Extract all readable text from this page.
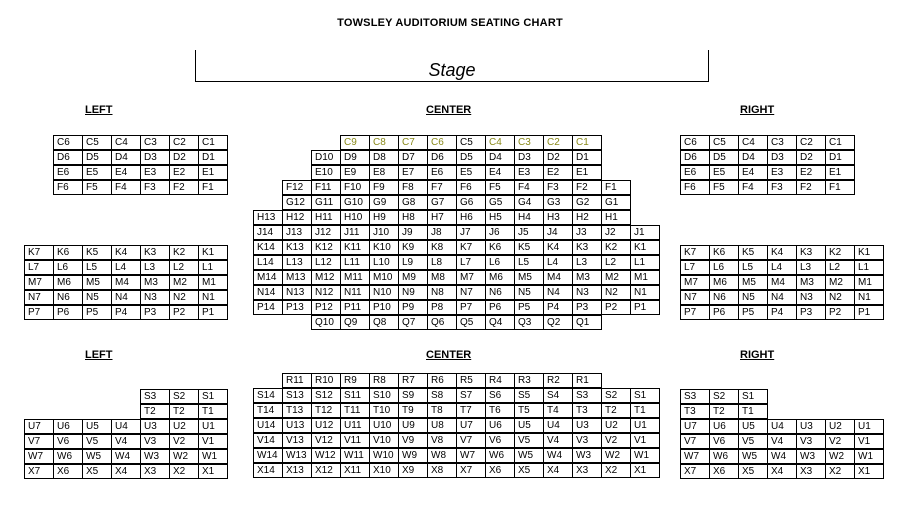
TOWSLEY AUDITORIUM SEATING CHART
Stage
LEFT	CENTER	RIGHT
LEFT	CENTER	RIGHT
C6	C5	C4	C3	C2	C1
D6	D5	D4	D3	D2	D1
E6	E5	E4	E3	E2	E1
F6	F5	F4	F3	F2	F1
K7	K6	K5	K4	K3	K2	K1
L7	L6	L5	L4	L3	L2	L1
M7	M6	M5	M4	M3	M2	M1
N7	N6	N5	N4	N3	N2	N1
P7	P6	P5	P4	P3	P2	P1
C9	C8	C7	C6	C5	C4	C3	C2	C1
D10	D9	D8	D7	D6	D5	D4	D3	D2	D1
E10	E9	E8	E7	E6	E5	E4	E3	E2	E1
F12	F11	F10	F9	F8	F7	F6	F5	F4	F3	F2	F1
G12	G11	G10	G9	G8	G7	G6	G5	G4	G3	G2	G1
H13	H12	H11	H10	H9	H8	H7	H6	H5	H4	H3	H2	H1
J14	J13	J12	J11	J10	J9	J8	J7	J6	J5	J4	J3	J2	J1
K14	K13	K12	K11	K10	K9	K8	K7	K6	K5	K4	K3	K2	K1
L14	L13	L12	L11	L10	L9	L8	L7	L6	L5	L4	L3	L2	L1
M14 M13 M12 M11	M10 M9	M8	M7	M6	M5	M4	M3	M2	M1
N14	N13	N12	N11	N10	N9	N8	N7	N6	N5	N4	N3	N2	N1
P14	P13	P12	P11	P10	P9	P8	P7	P6	P5	P4	P3	P2	P1
Q10	Q9	Q8	Q7	Q6	Q5	Q4	Q3	Q2	Q1
C6	C5	C4	C3	C2	C1
D6	D5	D4	D3	D2	D1
E6	E5	E4	E3	E2	E1
F6	F5	F4	F3	F2	F1
K7	K6	K5	K4	K3	K2	K1
L7	L6	L5	L4	L3	L2	L1
M7	M6	M5	M4	M3	M2	M1
N7	N6	N5	N4	N3	N2	N1
P7	P6	P5	P4	P3	P2	P1
S3	S2	S1
T2	T2	T1
U7	U6	U5	U4	U3	U2	U1
V7	V6	V5	V4	V3	V2	V1
W7	W6	W5	W4	W3	W2	W1
X7	X6	X5	X4	X3	X2	X1
R11	R10	R9	R8	R7	R6	R5	R4	R3	R2	R1
S14	S13	S12	S11	S10	S9	S8	S7	S6	S5	S4	S3	S2	S1
T14	T13	T12	T11	T10	T9	T8	T7	T6	T5	T4	T3	T2	T1
U14	U13	U12	U11	U10	U9	U8	U7	U6	U5	U4	U3	U2	U1
V14	V13	V12	V11	V10	V9	V8	V7	V6	V5	V4	V3	V2	V1
W14 W13 W12 W11 W10 W9	W8	W7	W6	W5	W4	W3	W2	W1
X14	X13	X12	X11	X10	X9	X8	X7	X6	X5	X4	X3	X2	X1
S3	S2	S1
T3	T2	T1
U7	U6	U5	U4	U3	U2	U1
V7	V6	V5	V4	V3	V2	V1
W7	W6	W5	W4	W3	W2	W1
X7	X6	X5	X4	X3	X2	X1
